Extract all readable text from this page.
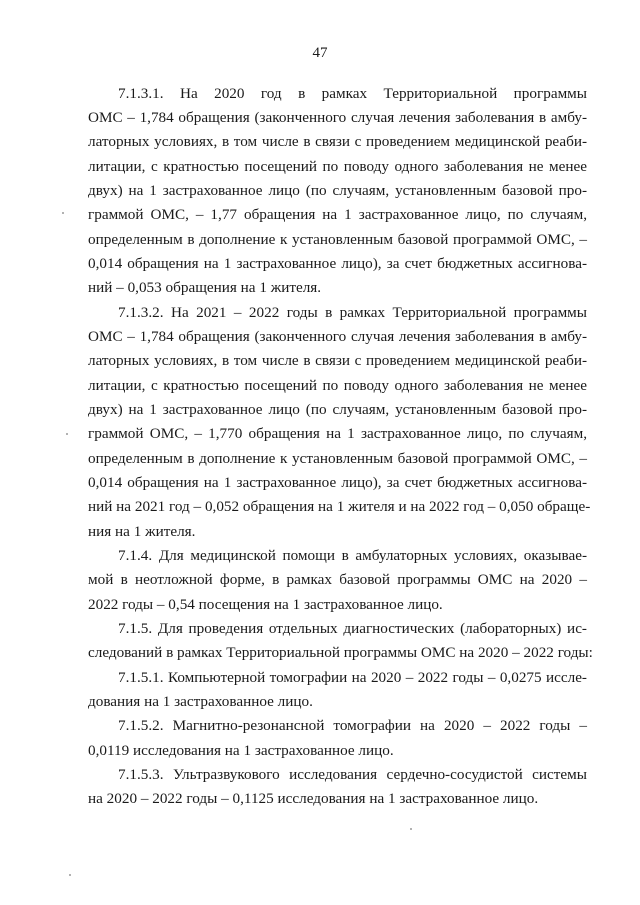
47
7.1.3.1. На 2020 год в рамках Территориальной программы
ОМС – 1,784 обращения (законченного случая лечения заболевания в амбу-
латорных условиях, в том числе в связи с проведением медицинской реаби-
литации, с кратностью посещений по поводу одного заболевания не менее
двух) на 1 застрахованное лицо (по случаям, установленным базовой про-
граммой ОМС, – 1,77 обращения на 1 застрахованное лицо, по случаям,
определенным в дополнение к установленным базовой программой ОМС, –
0,014 обращения на 1 застрахованное лицо), за счет бюджетных ассигнова-
ний – 0,053 обращения на 1 жителя.
7.1.3.2. На 2021 – 2022 годы в рамках Территориальной программы
ОМС – 1,784 обращения (законченного случая лечения заболевания в амбу-
латорных условиях, в том числе в связи с проведением медицинской реаби-
литации, с кратностью посещений по поводу одного заболевания не менее
двух) на 1 застрахованное лицо (по случаям, установленным базовой про-
граммой ОМС, – 1,770 обращения на 1 застрахованное лицо, по случаям,
определенным в дополнение к установленным базовой программой ОМС, –
0,014 обращения на 1 застрахованное лицо), за счет бюджетных ассигнова-
ний на 2021 год – 0,052 обращения на 1 жителя и на 2022 год – 0,050 обраще-
ния на 1 жителя.
7.1.4. Для медицинской помощи в амбулаторных условиях, оказывае-
мой в неотложной форме, в рамках базовой программы ОМС на 2020 –
2022 годы – 0,54 посещения на 1 застрахованное лицо.
7.1.5. Для проведения отдельных диагностических (лабораторных) ис-
следований в рамках Территориальной программы ОМС на 2020 – 2022 годы:
7.1.5.1. Компьютерной томографии на 2020 – 2022 годы – 0,0275 иссле-
дования на 1 застрахованное лицо.
7.1.5.2. Магнитно-резонансной томографии на 2020 – 2022 годы –
0,0119 исследования на 1 застрахованное лицо.
7.1.5.3. Ультразвукового исследования сердечно-сосудистой системы
на 2020 – 2022 годы – 0,1125 исследования на 1 застрахованное лицо.
